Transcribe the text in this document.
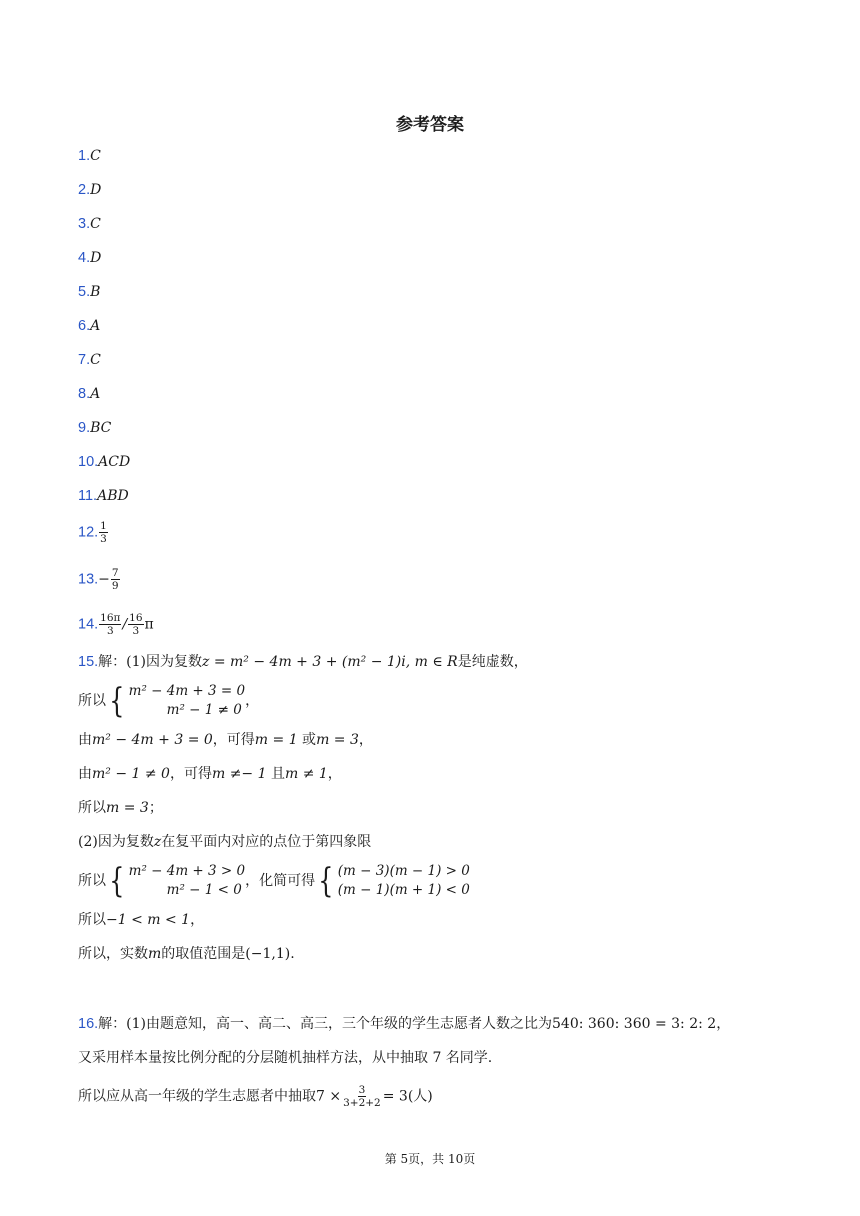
参考答案
1.C
2.D
3.C
4.D
5.B
6.A
7.C
8.A
9.BC
10.ACD
11.ABD
12. $\frac{1}{3}$
$13.- \frac{7}{9}$
14. $\frac{16\pi}{3} / \frac{16}{3}$ π
15.解：(1)因为复数z = m² − 4m + 3 + (m² − 1)i, m ∈ R是纯虚数，
所以 { m² − 4m + 3 = 0
m² − 1 ≠ 0
，
由m² − 4m + 3 = 0，可得m = 1 或m = 3，
由m² − 1 ≠ 0，可得m ≠− 1 且m ≠ 1，
所以m = 3；
(2)因为复数z在复平面内对应的点位于第四象限
所以 { m² − 4m + 3 > 0
m² − 1 < 0
，化简可得 { (m − 3)(m − 1) > 0
(m − 1)(m + 1) < 0
所以−1 < m < 1，
所以，实数m的取值范围是(−1,1).
16.解：(1)由题意知，高一、高二、高三，三个年级的学生志愿者人数之比为540: 360: 360 = 3: 2: 2，
又采用样本量按比例分配的分层随机抽样方法，从中抽取 7 名同学.
所以应从高一年级的学生志愿者中抽取$7 \times \frac{3}{3+2+2} = 3$(人)
第 5页，共 10页
